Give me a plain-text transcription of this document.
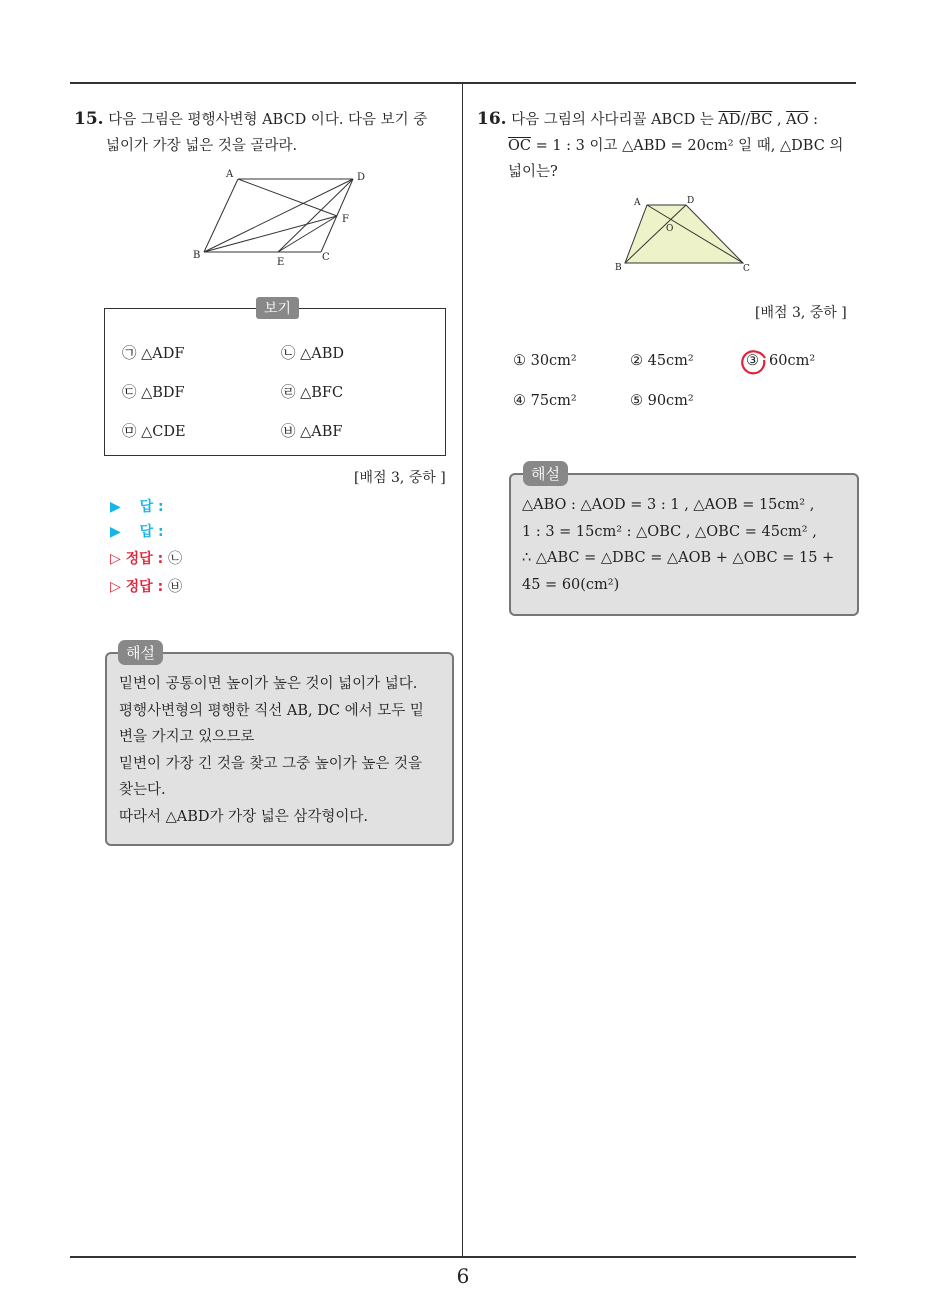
6
15. 다음 그림은 평행사변형 ABCD 이다. 다음 보기 중
넓이가 가장 넓은 것을 골라라.
A	D
F
B
E	C
보기
㉠ △ADF	㉡ △ABD
㉢ △BDF	㉣ △BFC
㉤ △CDE	㉥ △ABF
[배점 3, 중하 ]
▶ 답 :
▶ 답 :
▷ 정답 : ㉡
▷ 정답 : ㉥
해설
밑변이 공통이면 높이가 높은 것이 넓이가 넓다.
평행사변형의 평행한 직선 AB, DC 에서 모두 밑
변을 가지고 있으므로
밑변이 가장 긴 것을 찾고 그중 높이가 높은 것을
찾는다.
따라서 △ABD가 가장 넓은 삼각형이다.
16. 다음 그림의 사다리꼴 ABCD 는 $\overline{AD}//\overline{BC}$ , $\overline{AO}$ :
$\overline{OC} = 1$ : 3 이고 △ABD = 20cm² 일 때, △DBC 의
넓이는?
A	D
O
B	C
[배점 3, 중하 ]
① 30cm²	② 45cm²	③ 60cm²
④ 75cm²	⑤ 90cm²
해설
△ABO : △AOD = 3 : 1 , △AOB = 15cm² ,
1 : 3 = 15cm² : △OBC , △OBC = 45cm² ,
∴ △ABC = △DBC = △AOB + △OBC = 15 +
45 = 60(cm²)
